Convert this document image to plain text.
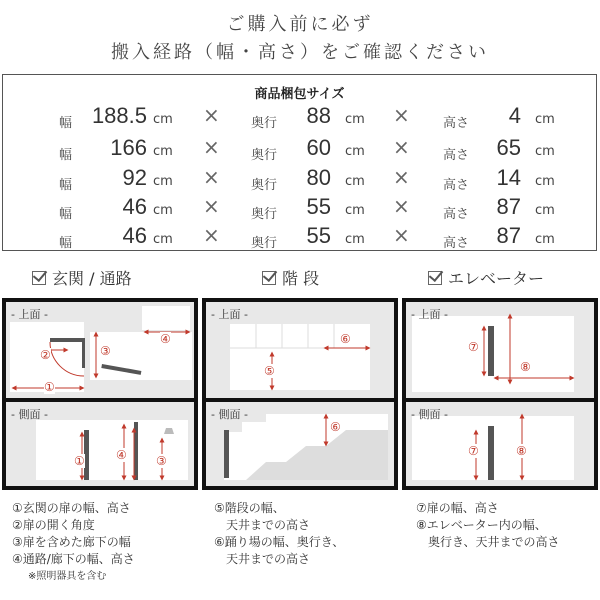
ご購入前に必ず
搬入経路（幅・高さ）をご確認ください
商品梱包サイズ
幅 188.5 cm × 奥行	88 cm ×	高さ	4 cm
幅	166 cm × 奥行	60 cm ×	高さ	65 cm
幅	92 cm × 奥行	80 cm ×	高さ	14 cm
幅	46 cm × 奥行	55 cm ×	高さ	87 cm
幅	46 cm × 奥行	55 cm ×	高さ	87 cm
玄関 / 通路	階 段	エレベーター
- 上面 -
- 側面 -
②	③
④
①
①	④ ③
- 上面 -
- 側面 -
⑤
⑥
⑥
- 上面 -
- 側面 -
⑦
⑧
⑦	⑧
①玄関の扉の幅、高さ
②扉の開く角度
③扉を含めた廊下の幅
④通路/廊下の幅、高さ
※照明器具を含む
⑤階段の幅、
　天井までの高さ
⑥踊り場の幅、奥行き、
　天井までの高さ
⑦扉の幅、高さ
⑧エレベーター内の幅、
　奥行き、天井までの高さ
